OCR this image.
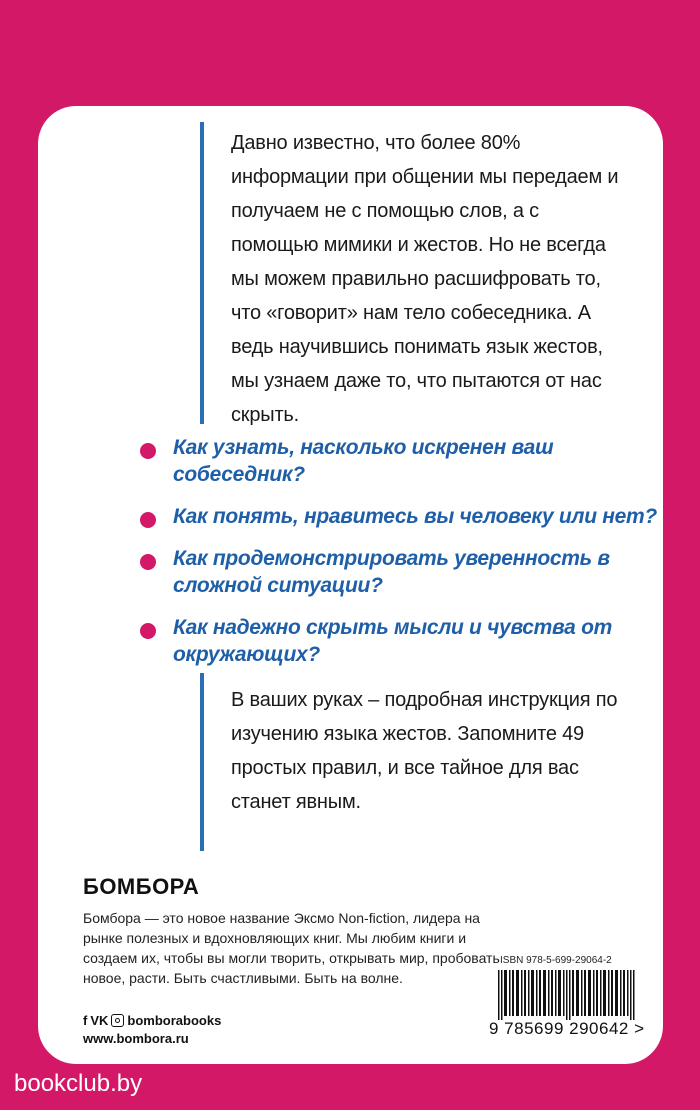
Давно известно, что более 80% информации при общении мы передаем и получаем не с помощью слов, а с помощью мимики и жестов. Но не всегда мы можем правильно расшифровать то, что «говорит» нам тело собеседника. А ведь научившись понимать язык жестов, мы узнаем даже то, что пытаются от нас скрыть.

Как узнать, насколько искренен ваш собеседник?
Как понять, нравитесь вы человеку или нет?
Как продемонстрировать уверенность в сложной ситуации?
Как надежно скрыть мысли и чувства от окружающих?

В ваших руках – подробная инструкция по изучению языка жестов. Запомните 49 простых правил, и все тайное для вас станет явным.

БОМБОРА

Бомбора — это новое название Эксмо Non-fiction, лидера на рынке полезных и вдохновляющих книг. Мы любим книги и создаем их, чтобы вы могли творить, открывать мир, пробовать новое, расти. Быть счастливыми. Быть на волне.

f VK bomborabooks
www.bombora.ru
ISBN 978-5-699-29064-2
9 785699 290642 >
bookclub.by
